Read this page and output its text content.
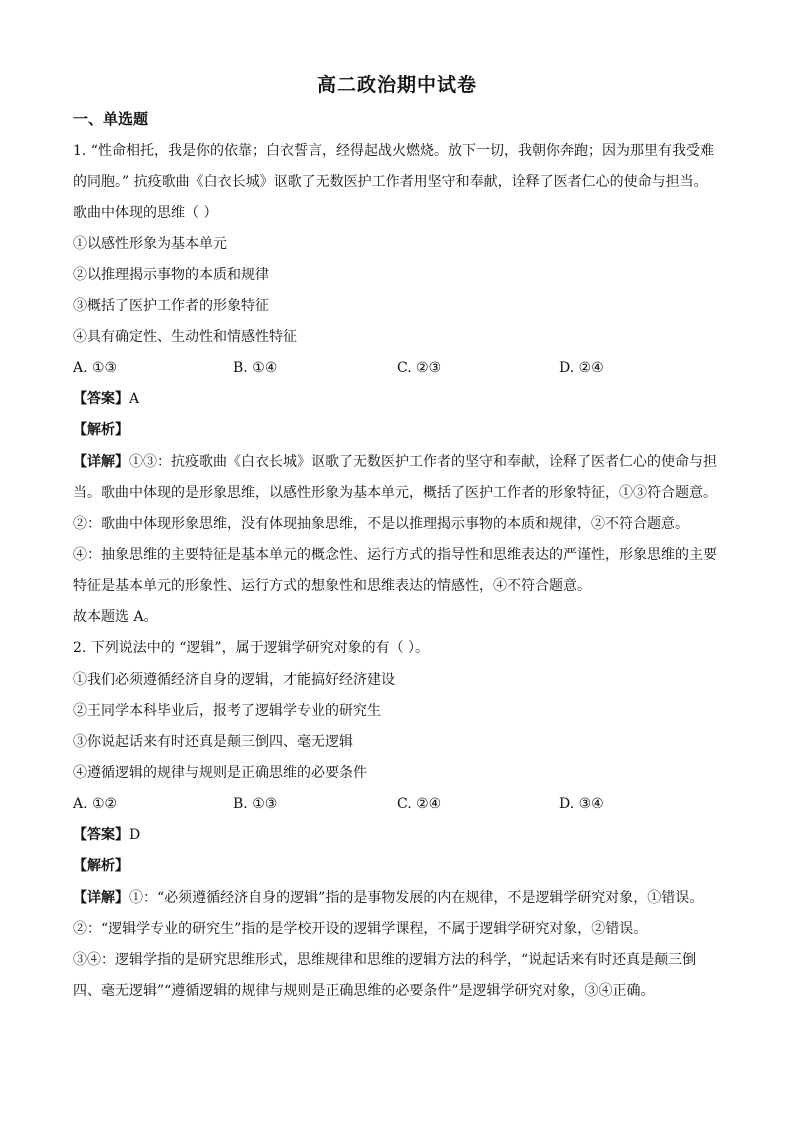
高二政治期中试卷
一、单选题
1. “性命相托，我是你的依靠；白衣誓言，经得起战火燃烧。放下一切，我朝你奔跑；因为那里有我受难
的同胞。” 抗疫歌曲《白衣长城》讴歌了无数医护工作者用坚守和奉献，诠释了医者仁心的使命与担当。
歌曲中体现的思维（ ）
①以感性形象为基本单元
②以推理揭示事物的本质和规律
③概括了医护工作者的形象特征
④具有确定性、生动性和情感性特征
A. ①③	B. ①④	C. ②③	D. ②④
【答案】A
【解析】
【详解】①③：抗疫歌曲《白衣长城》讴歌了无数医护工作者的坚守和奉献，诠释了医者仁心的使命与担
当。歌曲中体现的是形象思维，以感性形象为基本单元，概括了医护工作者的形象特征，①③符合题意。
②：歌曲中体现形象思维，没有体现抽象思维，不是以推理揭示事物的本质和规律，②不符合题意。
④：抽象思维的主要特征是基本单元的概念性、运行方式的指导性和思维表达的严谨性，形象思维的主要
特征是基本单元的形象性、运行方式的想象性和思维表达的情感性，④不符合题意。
故本题选 A。
2. 下列说法中的 “逻辑”，属于逻辑学研究对象的有（ ）。
①我们必须遵循经济自身的逻辑，才能搞好经济建设
②王同学本科毕业后，报考了逻辑学专业的研究生
③你说起话来有时还真是颠三倒四、毫无逻辑
④遵循逻辑的规律与规则是正确思维的必要条件
A. ①②	B. ①③	C. ②④	D. ③④
【答案】D
【解析】
【详解】①：“必须遵循经济自身的逻辑”指的是事物发展的内在规律，不是逻辑学研究对象，①错误。
②：“逻辑学专业的研究生”指的是学校开设的逻辑学课程，不属于逻辑学研究对象，②错误。
③④：逻辑学指的是研究思维形式，思维规律和思维的逻辑方法的科学，“说起话来有时还真是颠三倒
四、毫无逻辑”“遵循逻辑的规律与规则是正确思维的必要条件”是逻辑学研究对象，③④正确。
